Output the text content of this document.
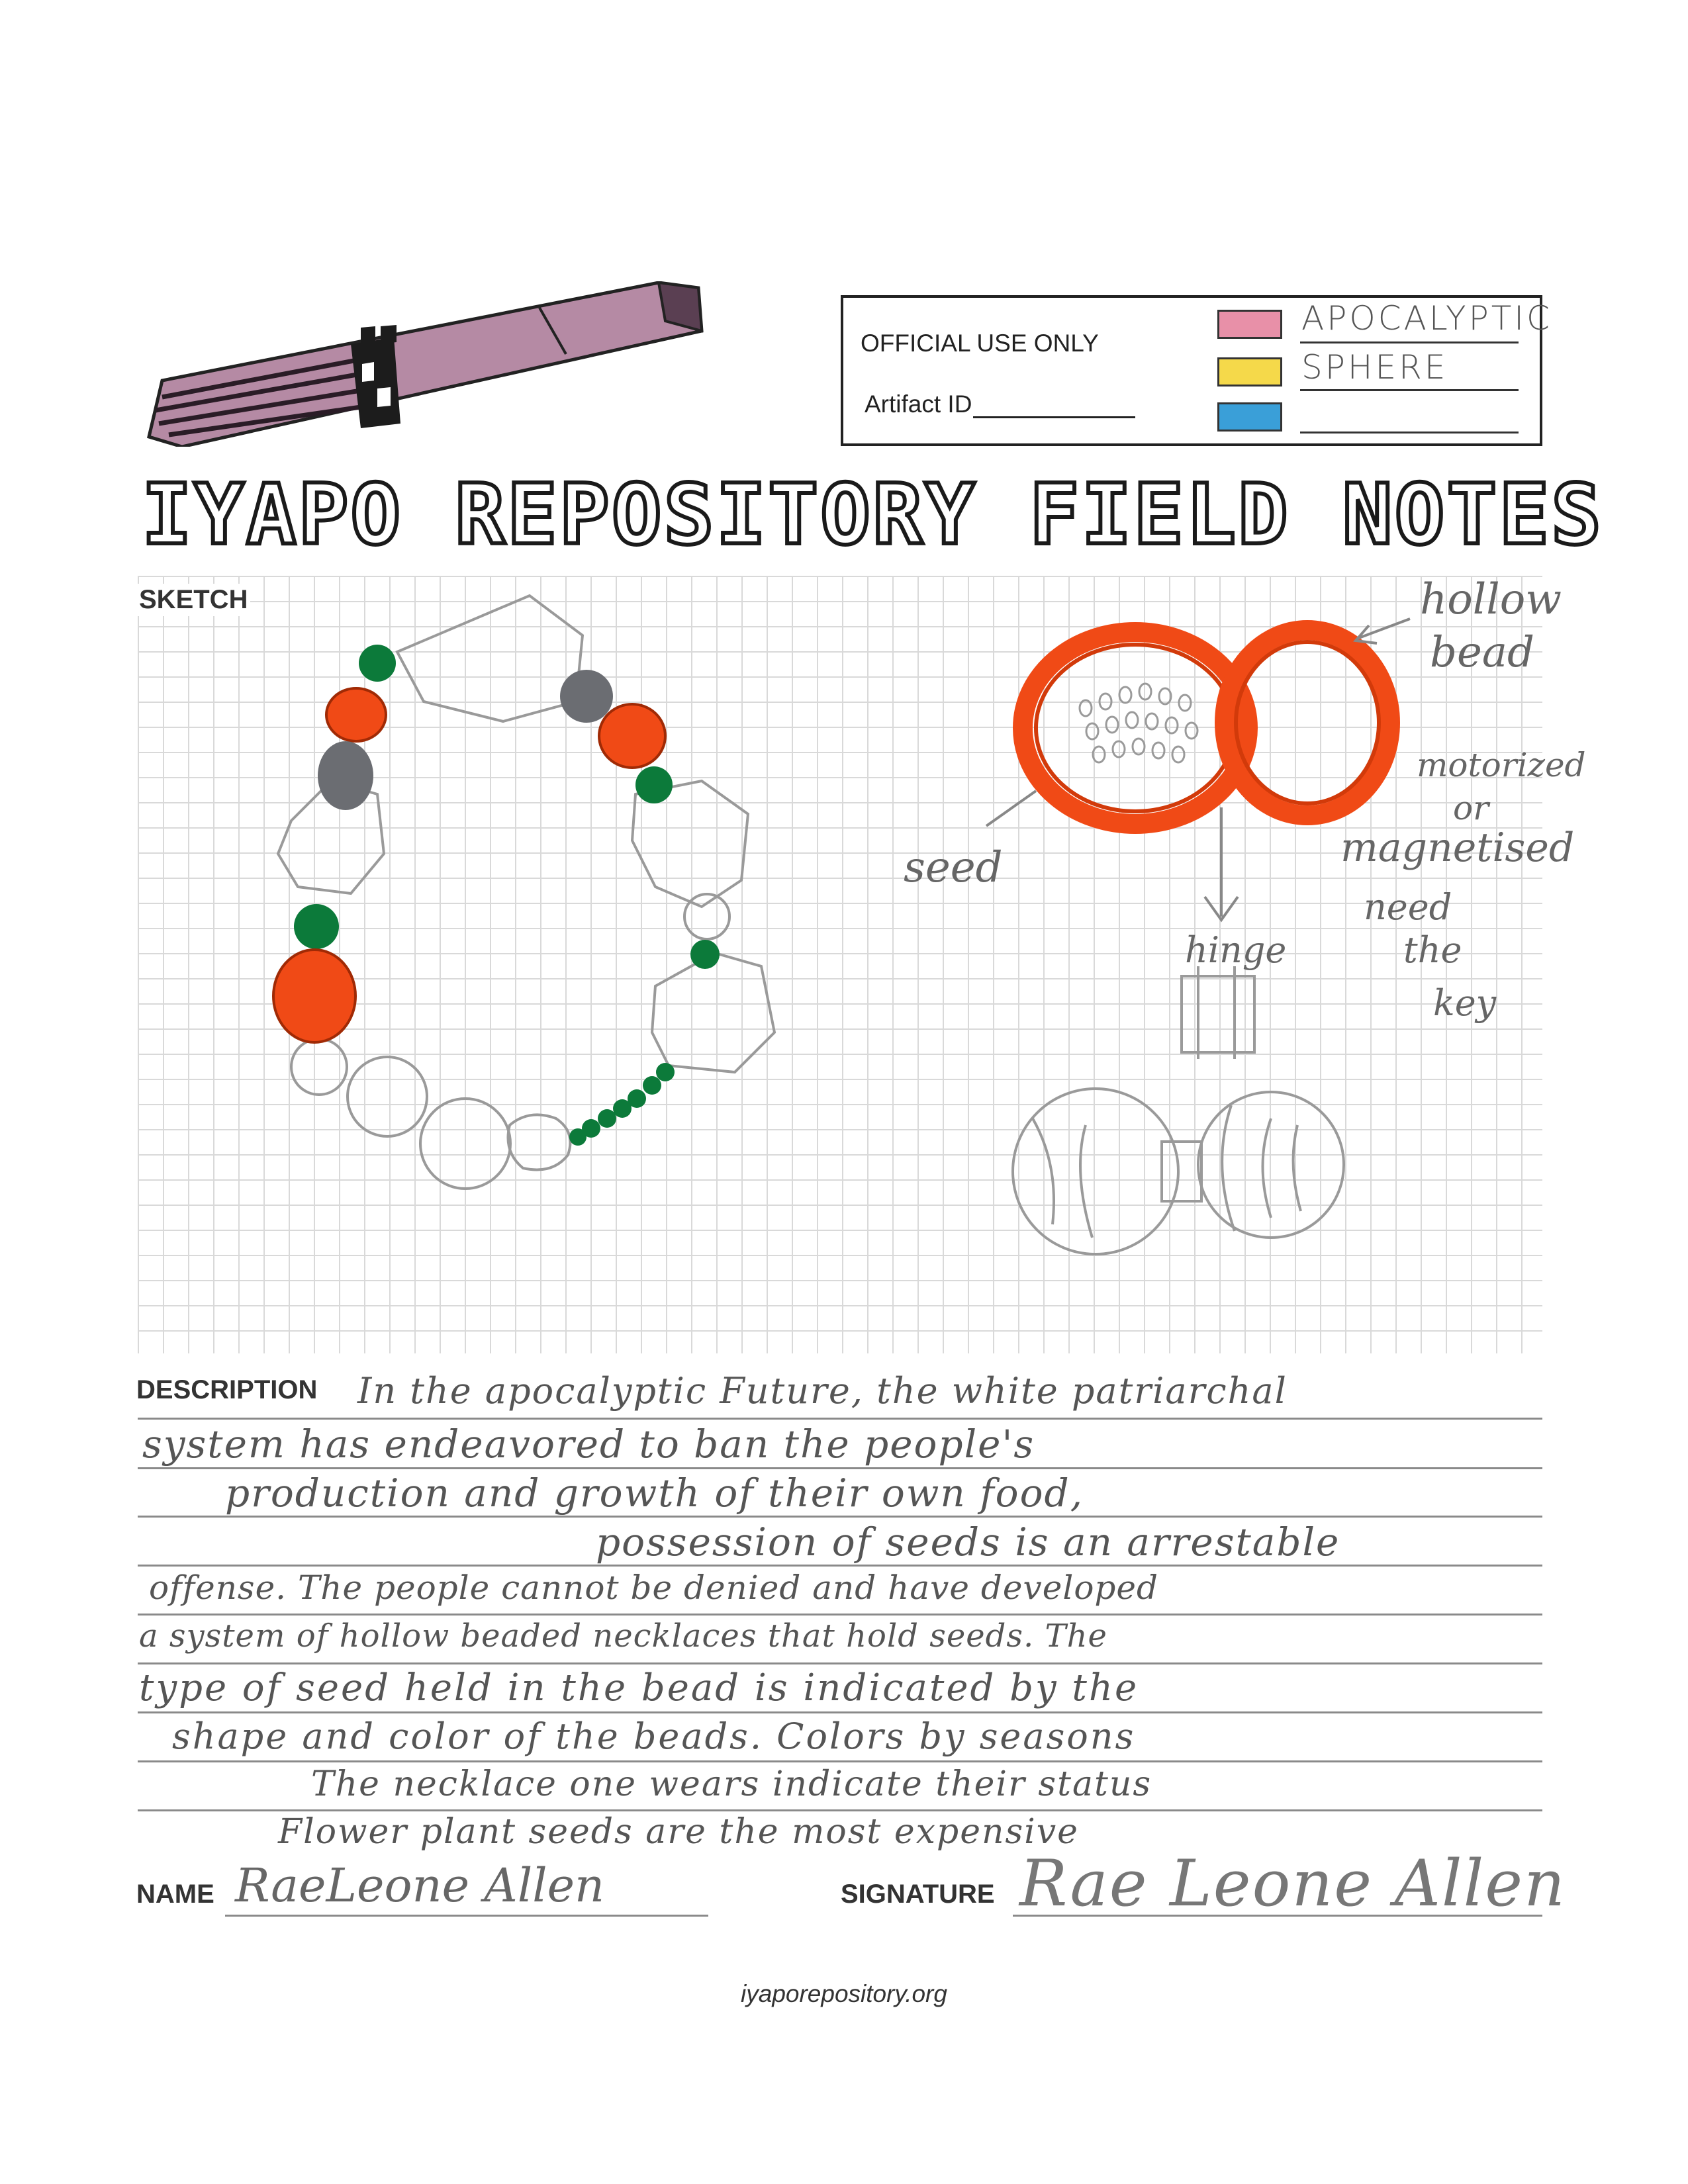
OFFICIAL USE ONLY
Artifact ID
APOCALYPTIC
SPHERE
IYAPO REPOSITORY FIELD NOTES
SKETCH	hollow
bead
seed
hinge
motorized
or
magnetised
need
the
key
DESCRIPTION In the apocalyptic Future, the white patriarchal
system has endeavored to ban the people's
production and growth of their own food,
possession of seeds is an arrestable
offense. The people cannot be denied and have developed
a system of hollow beaded necklaces that hold seeds. The
type of seed held in the bead is indicated by the
shape and color of the beads. Colors by seasons
The necklace one wears indicate their status
Flower plant seeds are the most expensive
NAME RaeLeone Allen	SIGNATURE Rae Leone Allen
iyaporepository.org
